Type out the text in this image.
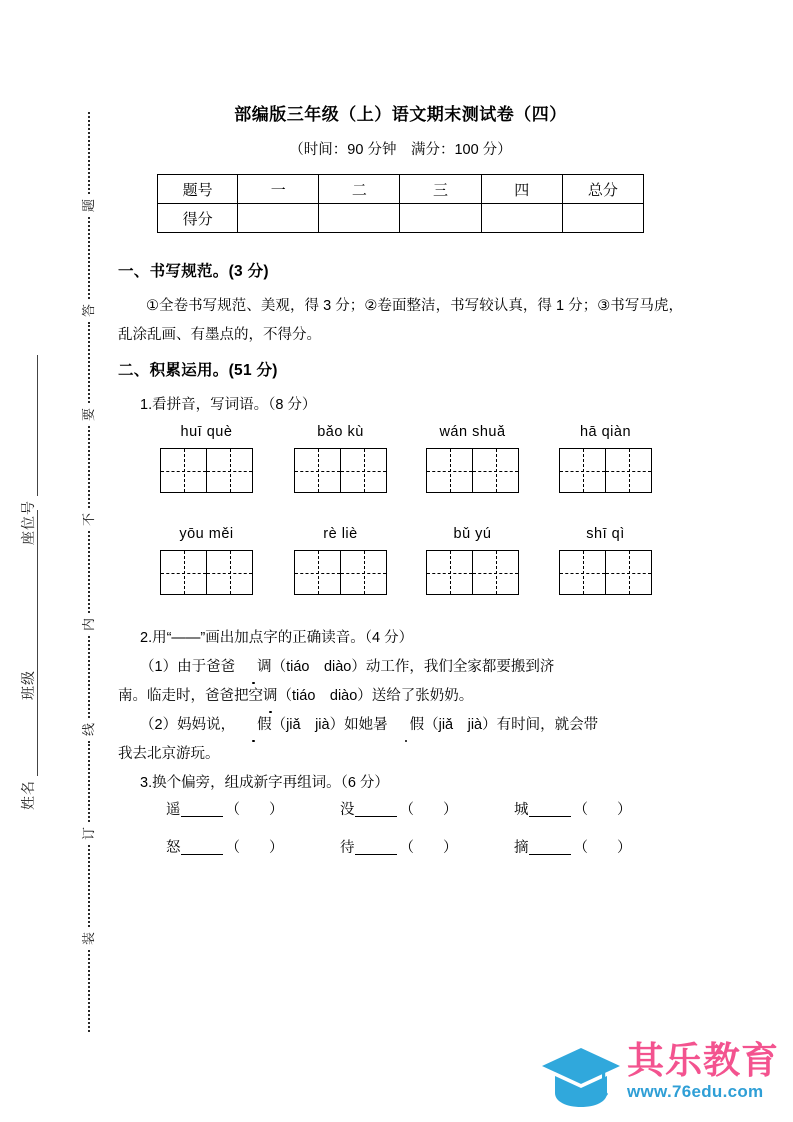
座位号
班级
姓名
题
答
要
不
内
线
订
装
部编版三年级（上）语文期末测试卷（四）
（时间：90 分钟　满分：100 分）
题号	一	二	三	四	总分
得分					
一、书写规范。(3 分)

①全卷书写规范、美观，得 3 分；②卷面整洁，书写较认真，得 1 分；③书写马虎，乱涂乱画、有墨点的，不得分。

二、积累运用。(51 分)

1.看拼音，写词语。（8 分）

huī què	bǎo kù	wán shuǎ	hā qiàn
yōu měi	rè liè	bǔ yú	shī qì

2.用“——”画出加点字的正确读音。（4 分）

（1）由于爸爸 调（tiáo　diào）动工作，我们全家都要搬到济

南。临走时，爸爸把空调（tiáo　diào）送给了张奶奶。

（2）妈妈说， 假（jiǎ　jià）如她暑 假（jiǎ　jià）有时间，就会带

我去北京游玩。

3.换个偏旁，组成新字再组词。（6 分）

遥	（　　）	没	（　　）	城	（　　）
怒	（　　）	待	（　　）	摘	（　　）
其乐教育
www.76edu.com
